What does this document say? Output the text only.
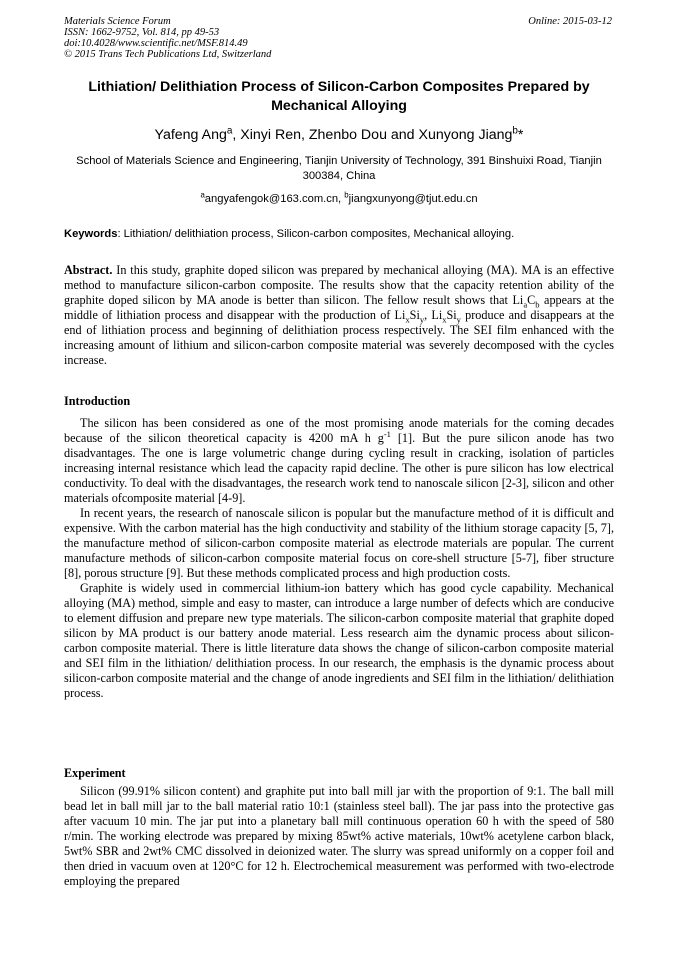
Materials Science Forum
ISSN: 1662-9752, Vol. 814, pp 49-53
doi:10.4028/www.scientific.net/MSF.814.49
© 2015 Trans Tech Publications Ltd, Switzerland
Online: 2015-03-12
Lithiation/ Delithiation Process of Silicon-Carbon Composites Prepared by Mechanical Alloying
Yafeng Ang$^a$, Xinyi Ren, Zhenbo Dou and Xunyong Jiang$^b$*
School of Materials Science and Engineering, Tianjin University of Technology, 391 Binshuixi Road, Tianjin 300384, China
$^a$angyafengok@163.com.cn, $^b$jiangxunyong@tjut.edu.cn
Keywords: Lithiation/ delithiation process, Silicon-carbon composites, Mechanical alloying.
Abstract. In this study, graphite doped silicon was prepared by mechanical alloying (MA). MA is an effective method to manufacture silicon-carbon composite. The results show that the capacity retention ability of the graphite doped silicon by MA anode is better than silicon. The fellow result shows that $Li_aC_b$ appears at the middle of lithiation process and disappear with the production of $Li_xSi_y$, $Li_xSi_y$ produce and disappears at the end of lithiation process and beginning of delithiation process respectively. The SEI film enhanced with the increasing amount of lithium and silicon-carbon composite material was severely decomposed with the cycles increase.
Introduction

The silicon has been considered as one of the most promising anode materials for the coming decades because of the silicon theoretical capacity is 4200 mA h $g^{-1}$ [1]. But the pure silicon anode has two disadvantages. The one is large volumetric change during cycling result in cracking, isolation of particles increasing internal resistance which lead the capacity rapid decline. The other is pure silicon has low electrical conductivity. To deal with the disadvantages, the research work tend to nanoscale silicon [2-3], silicon and other materials ofcomposite material [4-9].

In recent years, the research of nanoscale silicon is popular but the manufacture method of it is difficult and expensive. With the carbon material has the high conductivity and stability of the lithium storage capacity [5, 7], the manufacture method of silicon-carbon composite material as electrode materials are popular. The current manufacture methods of silicon-carbon composite material focus on core-shell structure [5-7], fiber structure [8], porous structure [9]. But these methods complicated process and high production costs.

Graphite is widely used in commercial lithium-ion battery which has good cycle capability. Mechanical alloying (MA) method, simple and easy to master, can introduce a large number of defects which are conducive to element diffusion and prepare new type materials. The silicon-carbon composite material that graphite doped silicon by MA product is our battery anode material. Less research aim the dynamic process about silicon-carbon composite material. There is little literature data shows the change of silicon-carbon composite material and SEI film in the lithiation/ delithiation process. In our research, the emphasis is the dynamic process about silicon-carbon composite material and the change of anode ingredients and SEI film in the lithiation/ delithiation process.

Experiment

Silicon (99.91% silicon content) and graphite put into ball mill jar with the proportion of 9:1. The ball mill bead let in ball mill jar to the ball material ratio 10:1 (stainless steel ball). The jar pass into the protective gas after vacuum 10 min. The jar put into a planetary ball mill continuous operation 60 h with the speed of 580 r/min. The working electrode was prepared by mixing 85wt% active materials, 10wt% acetylene carbon black, 5wt% SBR and 2wt% CMC dissolved in deionized water. The slurry was spread uniformly on a copper foil and then dried in vacuum oven at 120°C for 12 h. Electrochemical measurement was performed with two-electrode employing the prepared
